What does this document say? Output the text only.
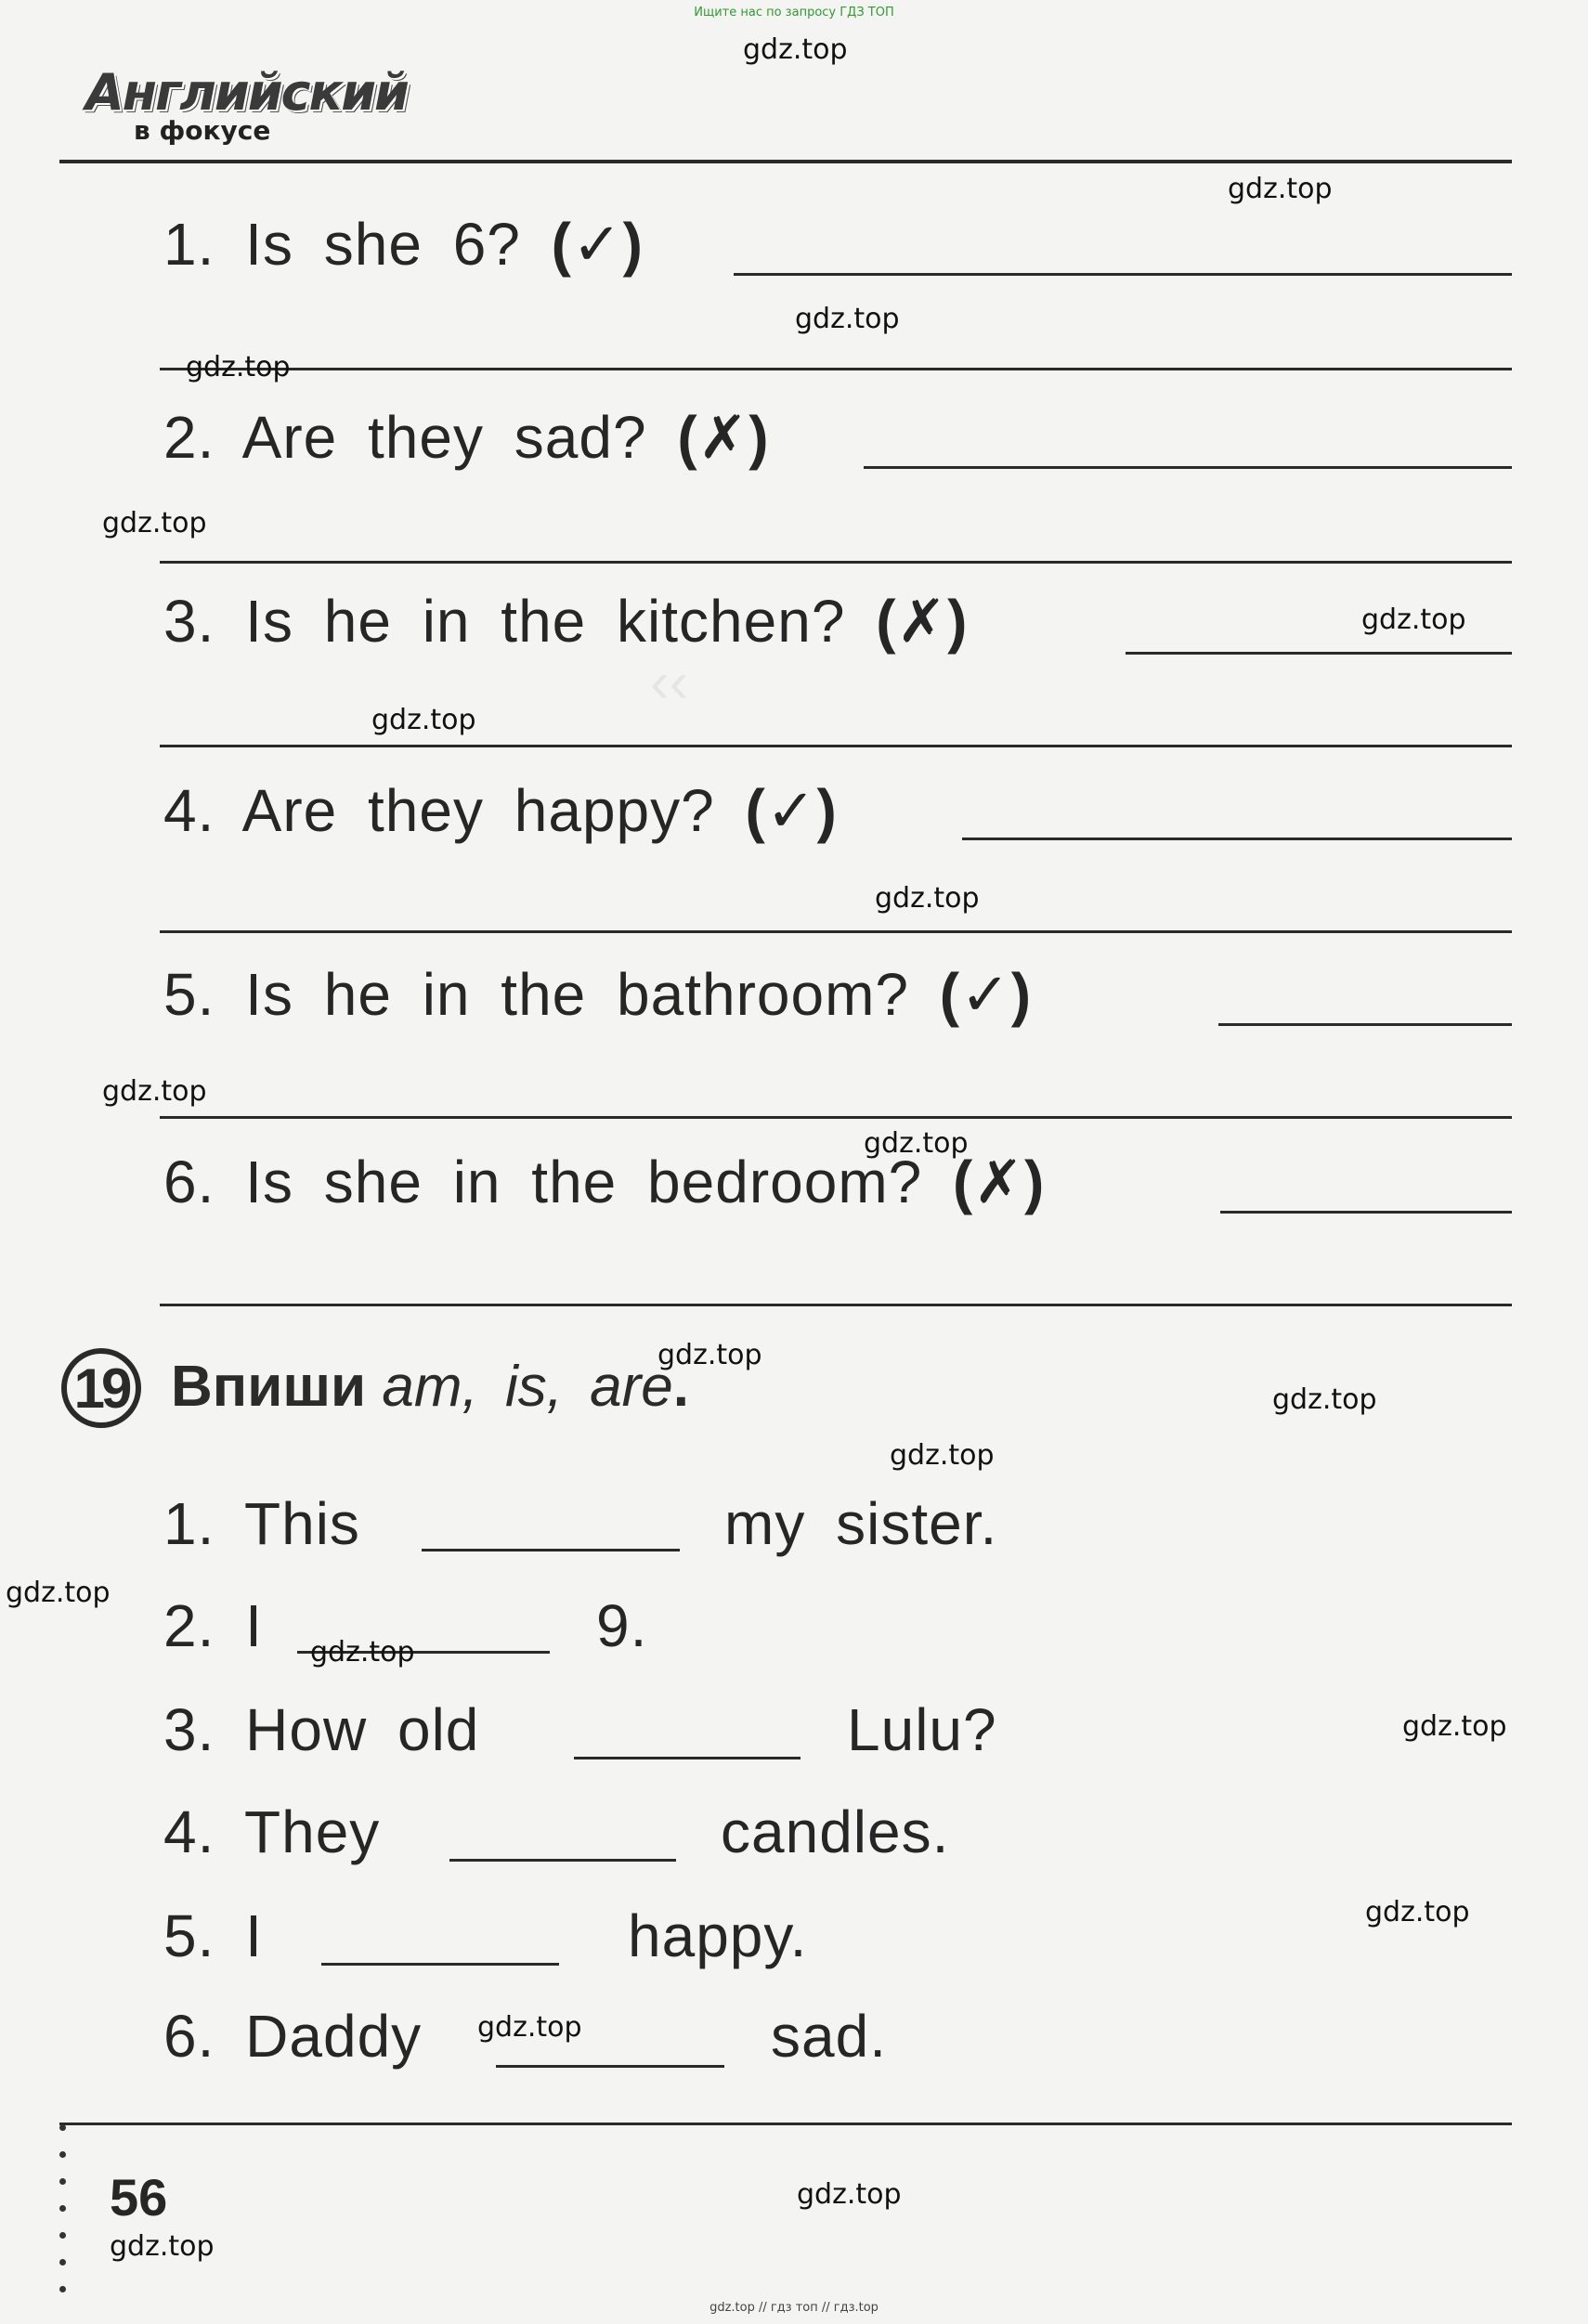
Ищите нас по запросу ГДЗ ТОП
‹‹
Английский
в фокусе
1. Is she 6? (✓)
2. Are they sad? (✗)
3. Is he in the kitchen? (✗)
4. Are they happy? (✓)
5. Is he in the bathroom? (✓)
6. Is she in the bedroom? (✗)
19 Впиши am, is, are.
1. This	my sister.
2. I	9.
3. How old	Lulu?
4. They	candles.
5. I	happy.
6. Daddy	sad.
56
gdz.top
gdz.top
gdz.top
gdz.top
gdz.top
gdz.top
gdz.top
gdz.top
gdz.top
gdz.top
gdz.top
gdz.top
gdz.top
gdz.top
gdz.top
gdz.top
gdz.top
gdz.top
gdz.top
gdz.top
gdz.top // гдз топ // гдз.top
